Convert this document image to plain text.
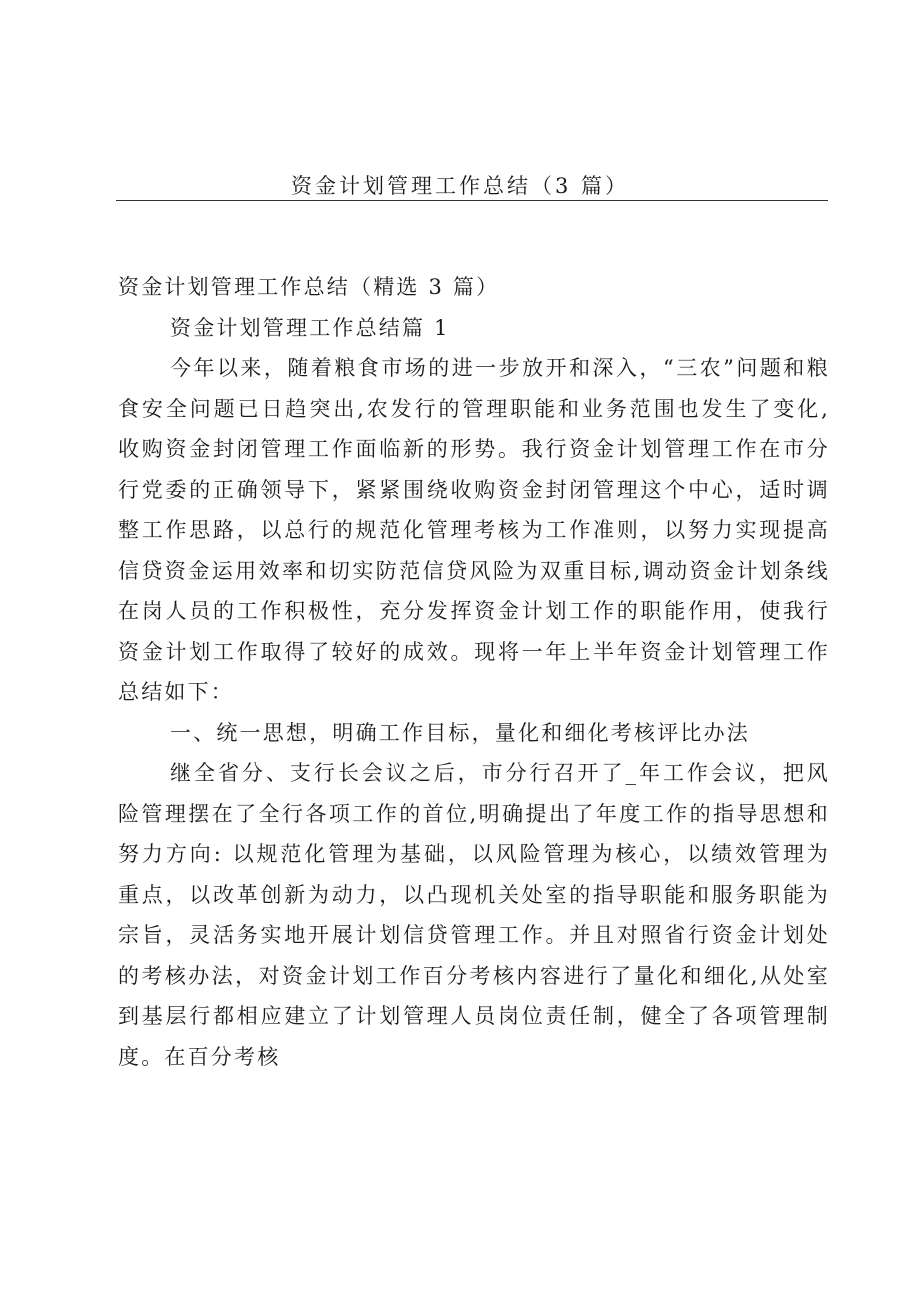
资金计划管理工作总结（3 篇）

资金计划管理工作总结（精选 3 篇）

资金计划管理工作总结篇 1

今年以来，随着粮食市场的进一步放开和深入，“三农”问题和粮食安全问题已日趋突出,农发行的管理职能和业务范围也发生了变化,收购资金封闭管理工作面临新的形势。我行资金计划管理工作在市分行党委的正确领导下，紧紧围绕收购资金封闭管理这个中心，适时调整工作思路，以总行的规范化管理考核为工作准则，以努力实现提高信贷资金运用效率和切实防范信贷风险为双重目标,调动资金计划条线在岗人员的工作积极性，充分发挥资金计划工作的职能作用，使我行资金计划工作取得了较好的成效。现将一年上半年资金计划管理工作总结如下：

一、统一思想，明确工作目标，量化和细化考核评比办法

继全省分、支行长会议之后，市分行召开了_年工作会议，把风险管理摆在了全行各项工作的首位,明确提出了年度工作的指导思想和努力方向: 以规范化管理为基础，以风险管理为核心，以绩效管理为重点，以改革创新为动力，以凸现机关处室的指导职能和服务职能为宗旨，灵活务实地开展计划信贷管理工作。并且对照省行资金计划处的考核办法，对资金计划工作百分考核内容进行了量化和细化,从处室到基层行都相应建立了计划管理人员岗位责任制，健全了各项管理制度。在百分考核
